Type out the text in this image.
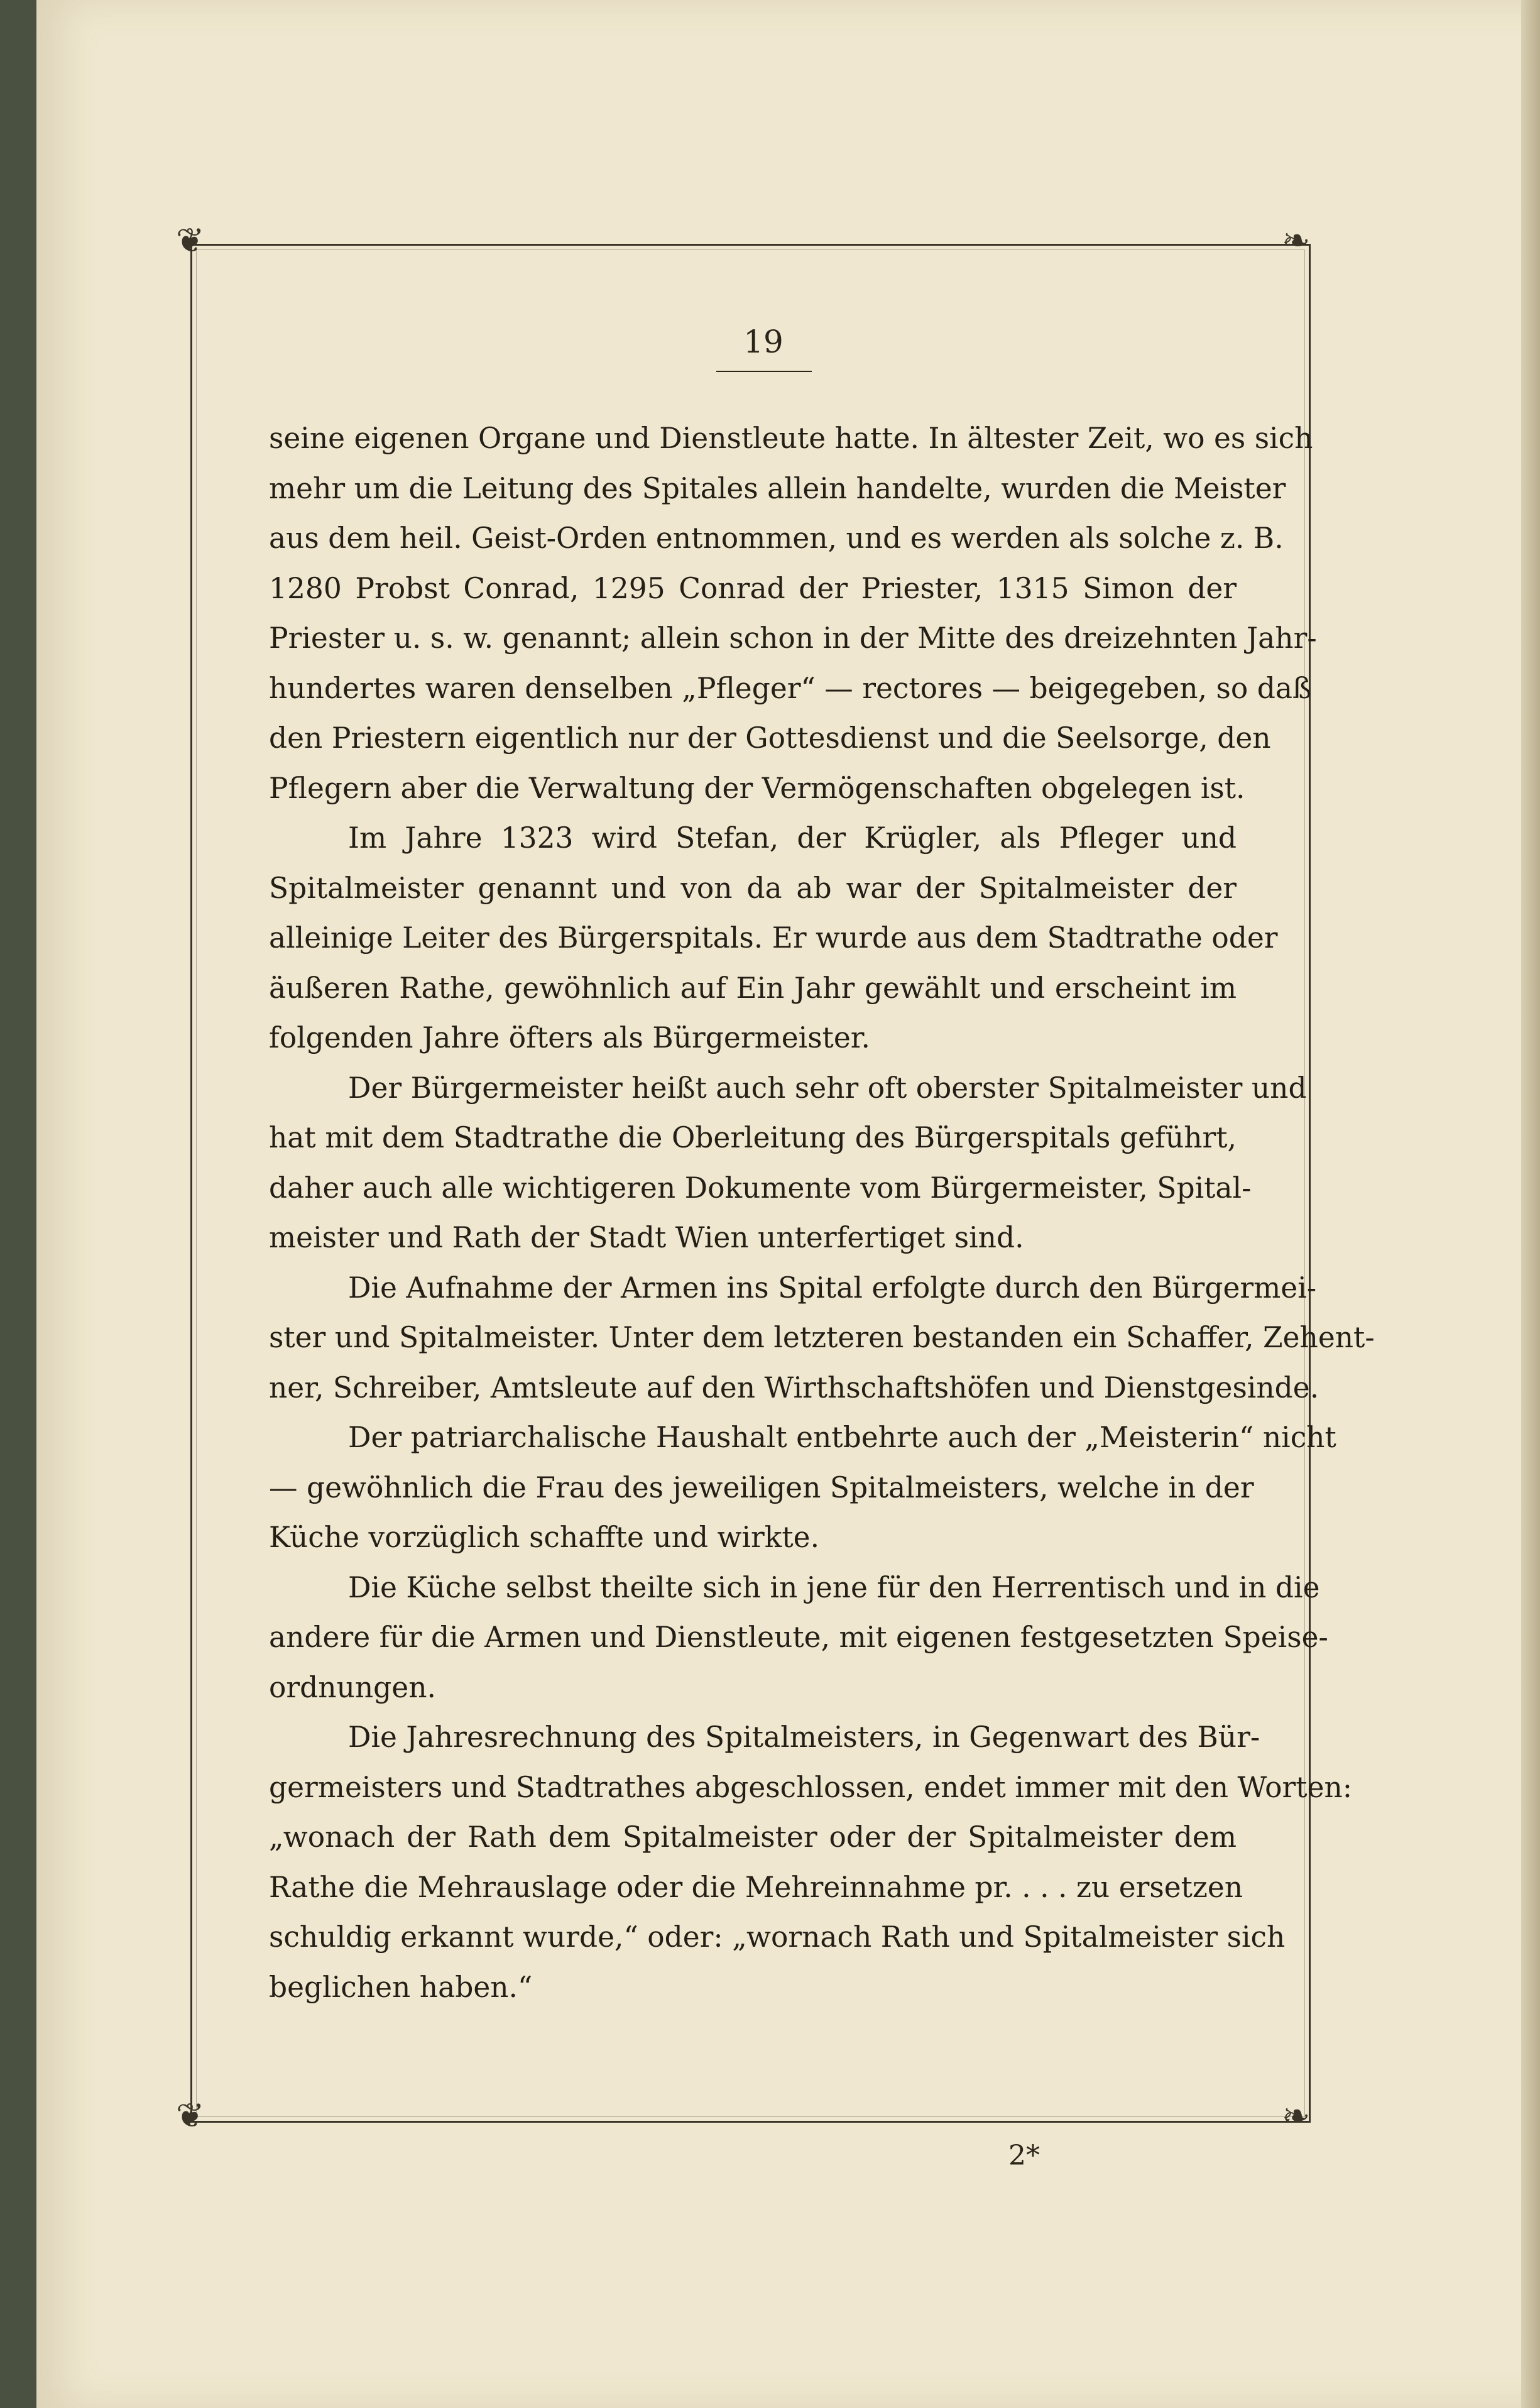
❦	❧
❦	❧
19
seine eigenen Organe und Dienstleute hatte. In ältester Zeit, wo es sich
mehr um die Leitung des Spitales allein handelte, wurden die Meister
aus dem heil. Geist-Orden entnommen, und es werden als solche z. B.
1280 Probst Conrad, 1295 Conrad der Priester, 1315 Simon der
Priester u. s. w. genannt; allein schon in der Mitte des dreizehnten Jahr-
hundertes waren denselben „Pfleger“ — rectores — beigegeben, so daß
den Priestern eigentlich nur der Gottesdienst und die Seelsorge, den
Pflegern aber die Verwaltung der Vermögenschaften obgelegen ist.
Im Jahre 1323 wird Stefan, der Krügler, als Pfleger und
Spitalmeister genannt und von da ab war der Spitalmeister der
alleinige Leiter des Bürgerspitals. Er wurde aus dem Stadtrathe oder
äußeren Rathe, gewöhnlich auf Ein Jahr gewählt und erscheint im
folgenden Jahre öfters als Bürgermeister.
Der Bürgermeister heißt auch sehr oft oberster Spitalmeister und
hat mit dem Stadtrathe die Oberleitung des Bürgerspitals geführt,
daher auch alle wichtigeren Dokumente vom Bürgermeister, Spital-
meister und Rath der Stadt Wien unterfertiget sind.
Die Aufnahme der Armen ins Spital erfolgte durch den Bürgermei-
ster und Spitalmeister. Unter dem letzteren bestanden ein Schaffer, Zehent-
ner, Schreiber, Amtsleute auf den Wirthschaftshöfen und Dienstgesinde.
Der patriarchalische Haushalt entbehrte auch der „Meisterin“ nicht
— gewöhnlich die Frau des jeweiligen Spitalmeisters, welche in der
Küche vorzüglich schaffte und wirkte.
Die Küche selbst theilte sich in jene für den Herrentisch und in die
andere für die Armen und Dienstleute, mit eigenen festgesetzten Speise-
ordnungen.
Die Jahresrechnung des Spitalmeisters, in Gegenwart des Bür-
germeisters und Stadtrathes abgeschlossen, endet immer mit den Worten:
„wonach der Rath dem Spitalmeister oder der Spitalmeister dem
Rathe die Mehrauslage oder die Mehreinnahme pr. . . . zu ersetzen
schuldig erkannt wurde,“ oder: „wornach Rath und Spitalmeister sich
beglichen haben.“
2*
